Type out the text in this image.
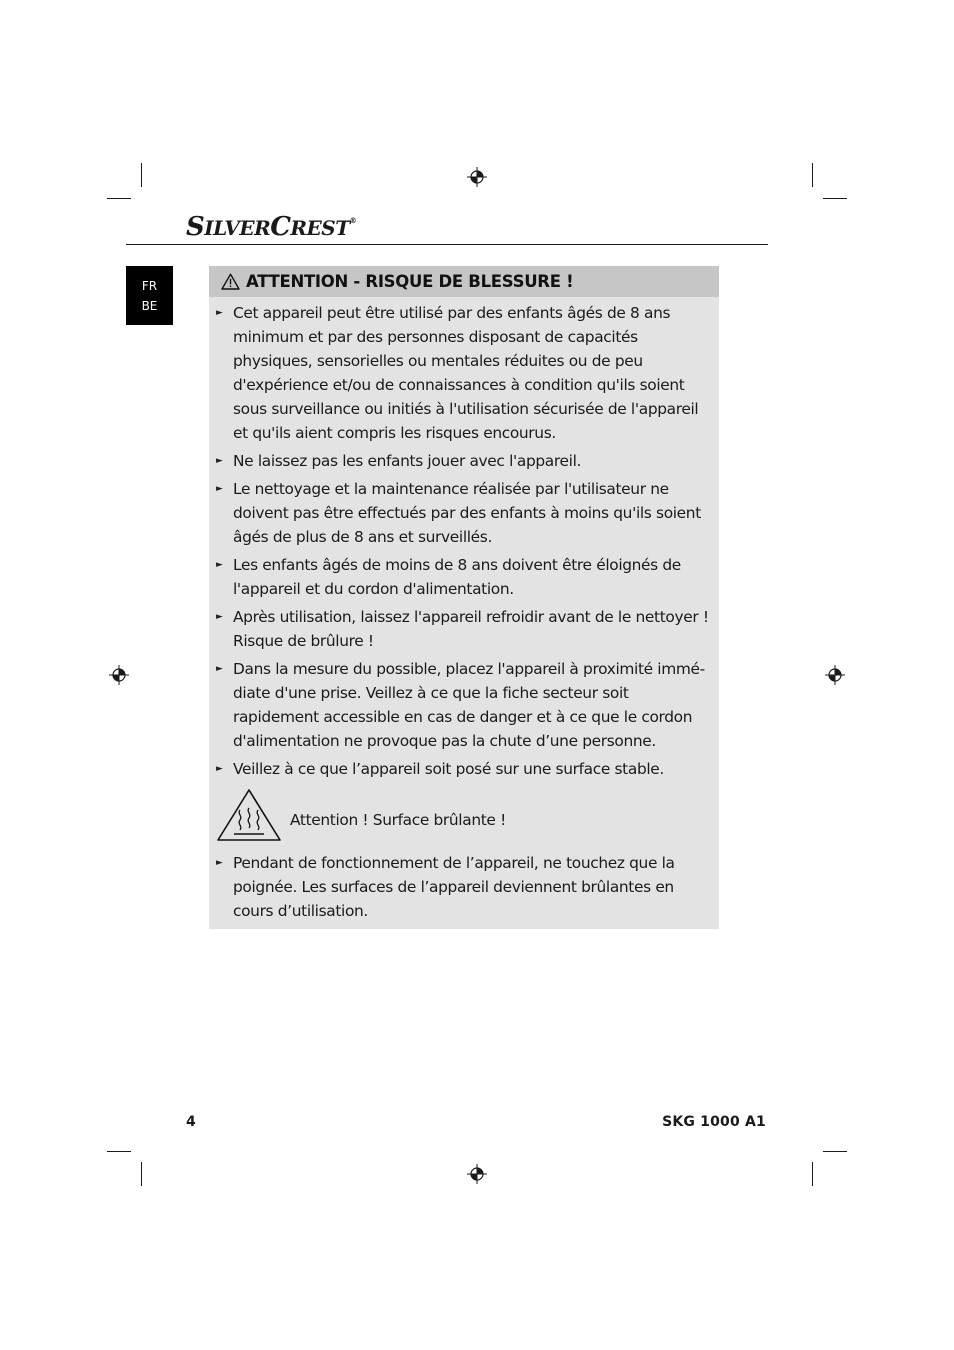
SILVERCREST®
FR
BE
ATTENTION - RISQUE DE BLESSURE !
► Cet appareil peut être utilisé par des enfants âgés de 8 ans minimum et par des personnes disposant de capacités physiques, sensorielles ou mentales réduites ou de peu d'expérience et/ou de connaissances à condition qu'ils soient sous surveillance ou initiés à l'utilisation sécurisée de l'appareil et qu'ils aient compris les risques encourus.
► Ne laissez pas les enfants jouer avec l'appareil.
► Le nettoyage et la maintenance réalisée par l'utilisateur ne doivent pas être effectués par des enfants à moins qu'ils soient âgés de plus de 8 ans et surveillés.
► Les enfants âgés de moins de 8 ans doivent être éloignés de l'appareil et du cordon d'alimentation.
► Après utilisation, laissez l'appareil refroidir avant de le nettoyer ! Risque de brûlure !
► Dans la mesure du possible, placez l'appareil à proximité immé-diate d'une prise. Veillez à ce que la fiche secteur soit rapidement accessible en cas de danger et à ce que le cordon d'alimentation ne provoque pas la chute d’une personne.
► Veillez à ce que l’appareil soit posé sur une surface stable.
Attention ! Surface brûlante !
► Pendant de fonctionnement de l’appareil, ne touchez que la poignée. Les surfaces de l’appareil deviennent brûlantes en cours d’utilisation.
4	SKG 1000 A1
